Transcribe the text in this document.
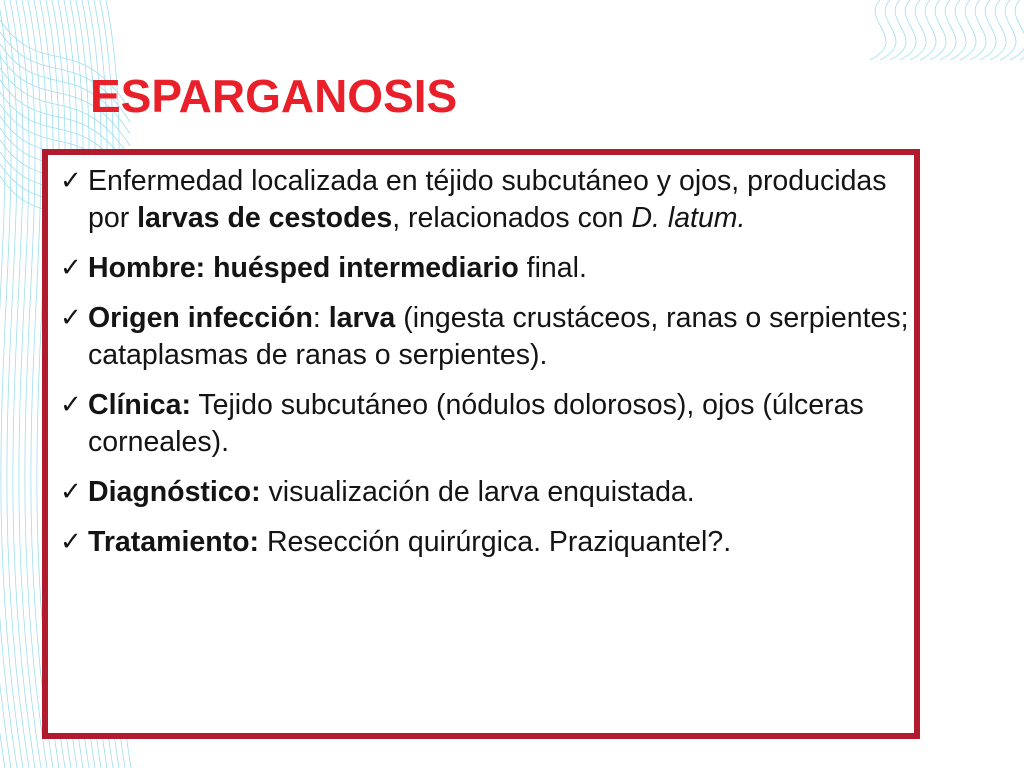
ESPARGANOSIS
✓ Enfermedad localizada en téjido subcutáneo y ojos, producidas por larvas de cestodes, relacionados con D. latum.
✓ Hombre: huésped intermediario final.
✓ Origen infección: larva (ingesta crustáceos, ranas o serpientes; cataplasmas de ranas o serpientes).
✓ Clínica: Tejido subcutáneo (nódulos dolorosos), ojos (úlceras corneales).
✓ Diagnóstico: visualización de larva enquistada.
✓ Tratamiento: Resección quirúrgica. Praziquantel?.
